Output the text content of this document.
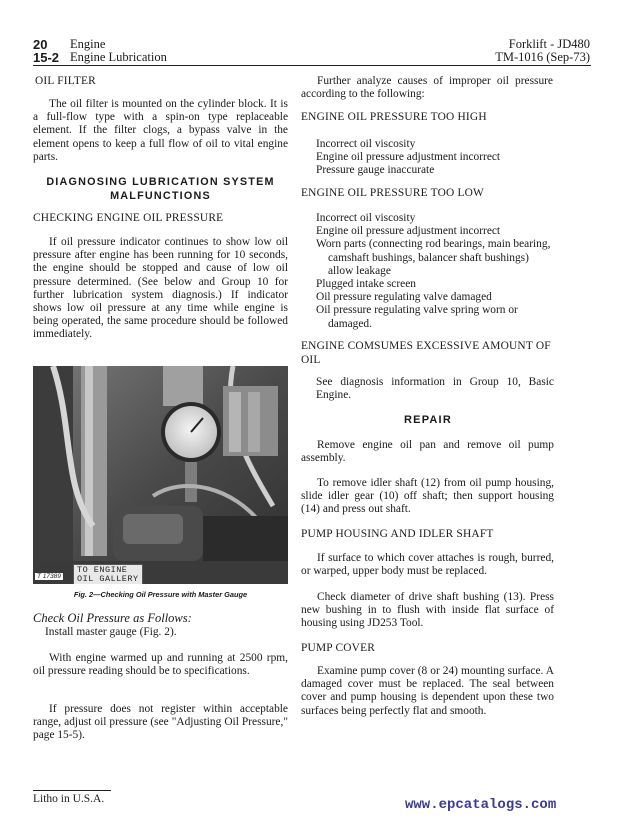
20 Engine
15-2 Engine Lubrication
Forklift - JD480
TM-1016 (Sep-73)
OIL FILTER
The oil filter is mounted on the cylinder block. It is a full-flow type with a spin-on type replaceable element. If the filter clogs, a bypass valve in the element opens to keep a full flow of oil to vital engine parts.
DIAGNOSING LUBRICATION SYSTEM
MALFUNCTIONS
CHECKING ENGINE OIL PRESSURE
If oil pressure indicator continues to show low oil pressure after engine has been running for 10 seconds, the engine should be stopped and cause of low oil pressure determined. (See below and Group 10 for further lubrication system diagnosis.) If indicator shows low oil pressure at any time while engine is being operated, the same procedure should be followed immediately.
TO ENGINE
OIL GALLERY
T 17389
Fig. 2—Checking Oil Pressure with Master Gauge
Check Oil Pressure as Follows:
Install master gauge (Fig. 2).
With engine warmed up and running at 2500 rpm, oil pressure reading should be to specifications.
If pressure does not register within acceptable range, adjust oil pressure (see "Adjusting Oil Pressure," page 15-5).
Litho in U.S.A.
Further analyze causes of improper oil pressure according to the following:
ENGINE OIL PRESSURE TOO HIGH
Incorrect oil viscosity
Engine oil pressure adjustment incorrect
Pressure gauge inaccurate
ENGINE OIL PRESSURE TOO LOW
Incorrect oil viscosity
Engine oil pressure adjustment incorrect
Worn parts (connecting rod bearings, main bearing, camshaft bushings, balancer shaft bushings) allow leakage
Plugged intake screen
Oil pressure regulating valve damaged
Oil pressure regulating valve spring worn or damaged.
ENGINE COMSUMES EXCESSIVE AMOUNT OF OIL
See diagnosis information in Group 10, Basic Engine.
REPAIR
Remove engine oil pan and remove oil pump assembly.
To remove idler shaft (12) from oil pump housing, slide idler gear (10) off shaft; then support housing (14) and press out shaft.
PUMP HOUSING AND IDLER SHAFT
If surface to which cover attaches is rough, burred, or warped, upper body must be replaced.
Check diameter of drive shaft bushing (13). Press new bushing in to flush with inside flat surface of housing using JD253 Tool.
PUMP COVER
Examine pump cover (8 or 24) mounting surface. A damaged cover must be replaced. The seal between cover and pump housing is dependent upon these two surfaces being perfectly flat and smooth.
www.epcatalogs.com
